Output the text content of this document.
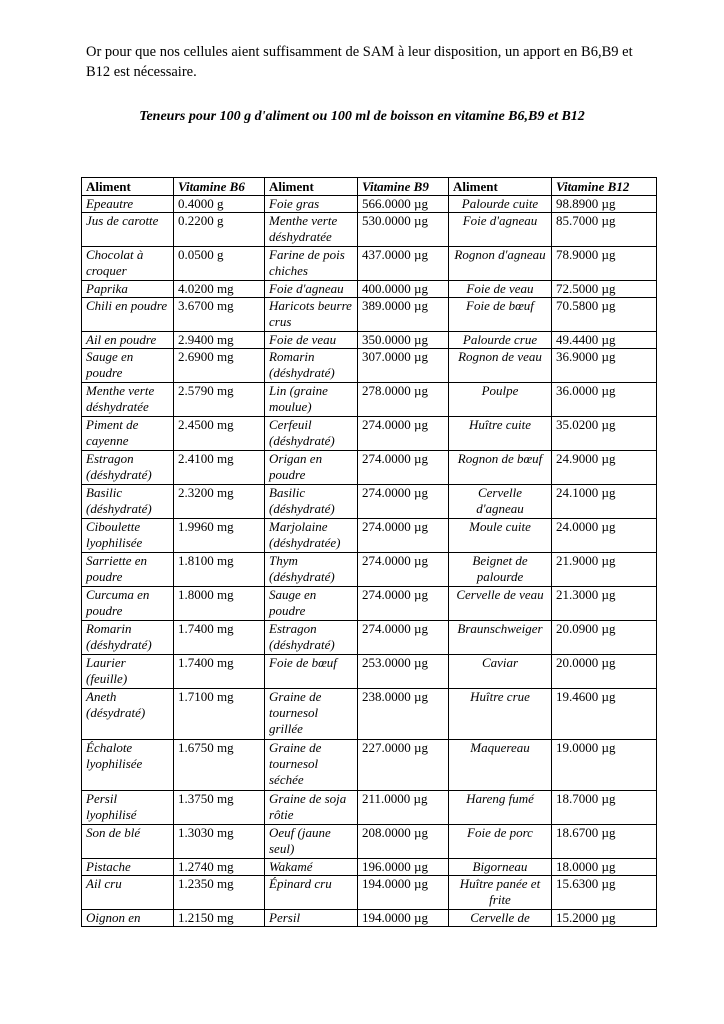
Or pour que nos cellules aient suffisamment de SAM à leur disposition, un apport en B6,B9 et B12 est nécessaire.

Teneurs pour 100 g d'aliment ou 100 ml de boisson en vitamine B6,B9 et B12

Aliment	Vitamine B6	Aliment	Vitamine B9	Aliment	Vitamine B12
Epeautre	0.4000 g	Foie gras	566.0000 µg	Palourde cuite	98.8900 µg
Jus de carotte	0.2200 g	Menthe verte déshydratée	530.0000 µg	Foie d'agneau	85.7000 µg
Chocolat à croquer	0.0500 g	Farine de pois chiches	437.0000 µg	Rognon d'agneau	78.9000 µg
Paprika	4.0200 mg	Foie d'agneau	400.0000 µg	Foie de veau	72.5000 µg
Chili en poudre	3.6700 mg	Haricots beurre crus	389.0000 µg	Foie de bœuf	70.5800 µg
Ail en poudre	2.9400 mg	Foie de veau	350.0000 µg	Palourde crue	49.4400 µg
Sauge en poudre	2.6900 mg	Romarin (déshydraté)	307.0000 µg	Rognon de veau	36.9000 µg
Menthe verte déshydratée	2.5790 mg	Lin (graine moulue)	278.0000 µg	Poulpe	36.0000 µg
Piment de cayenne	2.4500 mg	Cerfeuil (déshydraté)	274.0000 µg	Huître cuite	35.0200 µg
Estragon (déshydraté)	2.4100 mg	Origan en poudre	274.0000 µg	Rognon de bœuf	24.9000 µg
Basilic (déshydraté)	2.3200 mg	Basilic (déshydraté)	274.0000 µg	Cervelle d'agneau	24.1000 µg
Ciboulette lyophilisée	1.9960 mg	Marjolaine (déshydratée)	274.0000 µg	Moule cuite	24.0000 µg
Sarriette en poudre	1.8100 mg	Thym (déshydraté)	274.0000 µg	Beignet de palourde	21.9000 µg
Curcuma en poudre	1.8000 mg	Sauge en poudre	274.0000 µg	Cervelle de veau	21.3000 µg
Romarin (déshydraté)	1.7400 mg	Estragon (déshydraté)	274.0000 µg	Braunschweiger	20.0900 µg
Laurier (feuille)	1.7400 mg	Foie de bœuf	253.0000 µg	Caviar	20.0000 µg
Aneth (désydraté)	1.7100 mg	Graine de tournesol grillée	238.0000 µg	Huître crue	19.4600 µg
Échalote lyophilisée	1.6750 mg	Graine de tournesol séchée	227.0000 µg	Maquereau	19.0000 µg
Persil lyophilisé	1.3750 mg	Graine de soja rôtie	211.0000 µg	Hareng fumé	18.7000 µg
Son de blé	1.3030 mg	Oeuf (jaune seul)	208.0000 µg	Foie de porc	18.6700 µg
Pistache	1.2740 mg	Wakamé	196.0000 µg	Bigorneau	18.0000 µg
Ail cru	1.2350 mg	Épinard cru	194.0000 µg	Huître panée et frite	15.6300 µg
Oignon en	1.2150 mg	Persil	194.0000 µg	Cervelle de	15.2000 µg
